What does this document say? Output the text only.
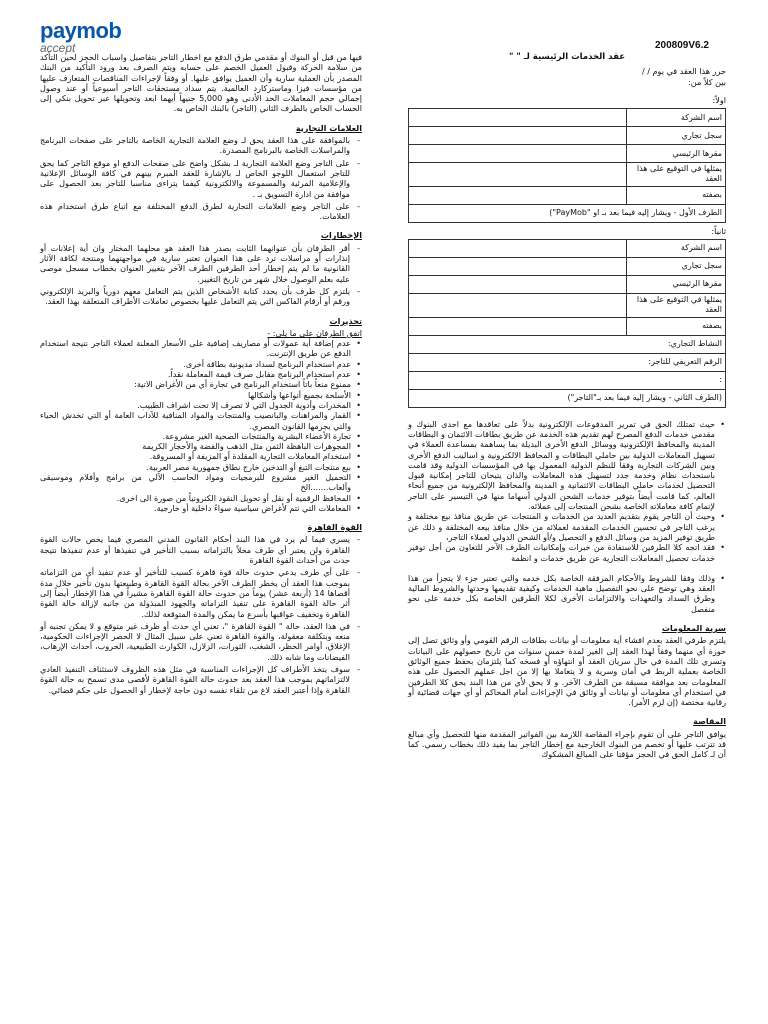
paymob
accept	200809V6.2
عقد الخدمات الرئيسية لـ " "
حرر هذا العقد في يوم / /
بين كلاً من:
اولاً:
اسم الشركة	
سجل تجاري	
مقرها الرئيسي	
يمثلها في التوقيع على هذا العقد	
بصفته	
الطرف الأول - ويشار إليه فيما بعد بـ او "PayMob")	
ثانياً:
اسم الشركة	
سجل تجاري	
مقرها الرئيسي	
يمثلها في التوقيع على هذا العقد	
بصفته	
النشاط التجاري:	
الرقم التعريفي للتاجر:	
:	
(الطرف الثاني - ويشار إليه فيما بعد بـ"التاجر")	
• حيث تمتلك الحق في تمرير المدفوعات الإلكترونية بدلاً على تعاقدها مع احدى البنوك و مقدمي خدمات الدفع المصرح لهم تقديم هذه الخدمة عن طريق بطاقات الائتمان و البطاقات المدينة والمحافظ الإلكترونية ووسائل الدفع الأخرى البديلة بما يساهمة بمساعدة العملاء في تسهيل المعاملات الدولية بين حاملي البطاقات و المحافظ الالكترونية و اساليب الدفع الأخرى وبين الشركات التجارية وفقاً للنظم الدولية المعمول بها في المؤسسات الدولية وقد قامت باستحداث نظام وخدمة جدد لتسهيل هذه المعاملات والذان يتيحان للتاجر إمكانية قبول التحصيل لخدمات حاملي البطاقات الائتمانية و المدينة والمحافظ الإلكترونية من جميع أنحاء العالم، كما قامت أيضاً بتوفير خدمات الشحن الدولي أسهاما منها في التيسير على التاجر لإتمام كافة معاملاته الخاصة بشحن المنتجات إلى عملائه.
• وحيث أن التاجر يقوم بتقديم العديد من الخدمات و المنتجات عن طريق منافذ بيع مختلفة و يرغب التاجر في تحسين الخدمات المقدمة لعملائه من خلال منافذ بيعه المختلفة و ذلك عن طريق توفير المزيد من وسائل الدفع و التحصيل و/أو الشحن الدولي لعملاء التاجر،
• فقد اتجه كلا الطرفين للاستفادة من خبرات وإمكانيات الطرف الآخر للتعاون من أجل توفير خدمات تحصيل المعاملات التجارية عن طريق خدمات و انظمة
• وذلك وفقا للشروط والأحكام المرفقة الخاصة بكل خدمه والتي تعتبر جزء لا يتجزأ من هذا العقد وهي توضح على نحو التفصيل ماهية الخدمات وكيفية تقديمها وحدتها والشروط المالية وطرق السداد والتعهدات والالتزامات الأخرى لكلا الطرفين الخاصة بكل خدمة على نحو منفصل
سرية المعلومات
يلتزم طرفي العقد بعدم افشاء أية معلومات أو بيانات بطاقات الرقم القومي وأو وثائق تصل إلى حوزة أي منهما وفقاً لهذا العقد إلى الغير لمدة خمس سنوات من تاريخ حصولهم على البيانات وتسري تلك المدة في حال سريان العقد أو انتهاؤه أو فسخه كما يلتزمان بحفظ جميع الوثائق الخاصة بعملية الربط في أمان وسرية و لا يتعاملا بها إلا من اجل عملهم الحصول على هذه المعلومات بعد موافقة مسبقة من الطرف الآخر. و لا يحق لأي من هذا البند يحق كلا الطرفين في استخدام أي معلومات أو بيانات أو وثائق في الإجراءات أمام المحاكم أو أي جهات قضائية أو رقابية مختصة (إن لزم الأمر).
المقاصة
يوافق التاجر على أن تقوم بإجراء المقاصة اللازمة بين الفواتير المقدمة منها للتحصيل وأي مبالغ قد تترتب عليها أو تخصم من البنوك الخارجية مع إخطار التاجر بما يفيد ذلك بخطاب رسمي. كما أن لـ كامل الحق في الحجز مؤقتا على المبالغ المشكوك
فيها من قبل أو البنوك أو مقدمي طرق الدفع مع اخطار التاجر بتفاصيل واسباب الحجز لحين التأكد من سلامة الحركة وقبول العميل الخصم على حسابه ويتم الصرف بعد ورود التأكيد من البنك المصدر بأن العملية سارية وأن العميل يوافق عليها. أو وفقاً لإجراءات المناقصات المتعارف عليها من مؤسسات فيزا وماستركارد العالمية. يتم سداد مستحقات التاجر أسبوعياً أو عند وصول إجمالي حجم المعاملات الحد الأدنى وهو 5,000 جنيهاً أيهما ابعد وتحويلها عبر تحويل بنكي إلى الحساب الخاص بالطرف الثاني (التاجر) بالبنك الخاص به.
العلامات التجارية
- بالموافقة على هذا العقد يحق لـ وضع العلامة التجارية الخاصة بالتاجر على صفحات البرنامج والمراسلات الخاصة بالبرنامج المصدرة.
- على التاجر وضع العلامة التجارية لـ بشكل واضح على صفحات الدفع او موقع التاجر كما يحق للتاجر استعمال اللوجو الخاص لـ بالإشارة للعقد المبرم بينهم في كافة الوسائل الإعلانية والإعلامية المرئية والمسموعة والالكترونية كيفما يتراءى مناسبا للتاجر بعد الحصول على موافقة من ادارة التسويق بـ .
- على التاجر وضع العلامات التجارية لطرق الدفع المختلفة مع اتباع طرق استخدام هذه العلامات.
الإخطارات
- أقر الطرفان بأن عنوانهما الثابت بصدر هذا العقد هو محلهما المختار وان أية إعلانات أو إنذارات أو مراسلات ترد على هذا العنوان تعتبر سارية في مواجهتهما ومنتجة لكافة الآثار القانونية ما لم يتم إخطار أحد الطرفين الطرف الآخر بتغيير العنوان بخطاب مسجل موصى عليه بعلم الوصول خلال شهر من تاريخ التغيير.
- يلتزم كل طرف بأن يحدد كتابة الأشخاص الذين يتم التعامل معهم دورياً والبريد الإلكتروني ورقم أو أرقام الفاكس التي يتم التعامل عليها بخصوص تعاملات الأطراف المتعلقة بهذا العقد.
تحذيرات
اتفق الطرفان على ما يلي: -
• عدم إضافة أية عمولات أو مصاريف إضافية على الأسعار المعلنة لعملاء التاجر نتيجة استخدام الدفع عن طريق الإنترنت.
• عدم استخدام البرنامج لسداد مديونية بطاقة أخرى.
• عدم استخدام البرنامج مقابل صرف قيمة المعاملة نقداً.
• ممنوع منعاً باتاً استخدام البرنامج في تجارة أي من الأغراض الاتية:
• الأسلحة بجميع أنواعها وأشكالها
• المخدرات وأدوية الجدول التي لا تصرف إلا تحت اشراف الطبيب.
• القمار والمراهنات والبانصيب والمنتجات والمواد المنافية للآداب العامة أو التي تخدش الحياء والتي يجرمها القانون المصري.
• تجارة الأعضاء البشرية والمنتجات الصحية الغير مشروعة.
• المجوهرات الباهظة الثمن مثل الذهب والفضة والأحجار الكريمة
• استخدام المعاملات التجارية المقلدة أو المزيفة أو المسروقة.
• بيع منتجات التبغ أو التدخين خارج نطاق جمهورية مصر العربية.
• التحميل الغير مشروع للبرمجيات ومواد الحاسب الآلي من برامج وأفلام وموسيقى وألعاب.......الخ
• المحافظ الرقمية أو نقل أو تحويل النقود الكترونياً من صورة الى اخرى.
• المعاملات التي تتم لأغراض سياسية سواءً داخلية أو خارجية.
القوة القاهرة
- يسري فيما لم يرد في هذا البند أحكام القانون المدني المصري فيما يخص حالات القوة القاهرة ولن يعتبر أي طرف مخلاً بالتزاماته بسبب التأخير في تنفيذها أو عدم تنفيذها نتيجة حدث من أحداث القوة القاهرة
- على أي طرف يدعي حدوث حالة قوة قاهرة كسبب للتأخير أو عدم تنفيذ أي من التزاماته بموجب هذا العقد أن يخطر الطرف الآخر بحالة القوة القاهرة وطبيعتها بدون تأخير خلال مدة أقصاها 14 (أربعة عشر) يوماً من حدوث حالة القوة القاهرة مشيراً في هذا الإخطار أيضاً إلى أثر حالة القوة القاهرة على تنفيذ التزاماته والجهود المبذولة من جانبه لإزالة حالة القوة القاهرة وتخفيف عواقبها بأسرع ما يمكن والمدة المتوقعة لذلك.
- في هذا العقد، حالة " القوة القاهرة "، تعني أي حدث أو ظرف غير متوقع و لا يمكن تجنبه أو منعه وبتكلفة معقولة، والقوة القاهرة تعني على سبيل المثال لا الحصر الإجراءات الحكومية، الإغلاق، أوامر الحظر، الشغب، الثورات، الزلازل، الكوارث الطبيعية، الحروب، أحداث الإرهاب، الفيضانات وما شابه ذلك.
- سوف يتخذ الأطراف كل الإجراءات المناسبة في مثل هذه الظروف لاستئناف التنفيذ العادي لالتزاماتهم بموجب هذا العقد بعد حدوث حالة القوة القاهرة لأقصى مدى تسمح به حالة القوة القاهرة وإذا أعتبر العقد لاغ من تلقاء نفسه دون حاجة لإخطار أو الحصول على حكم قضائي.
